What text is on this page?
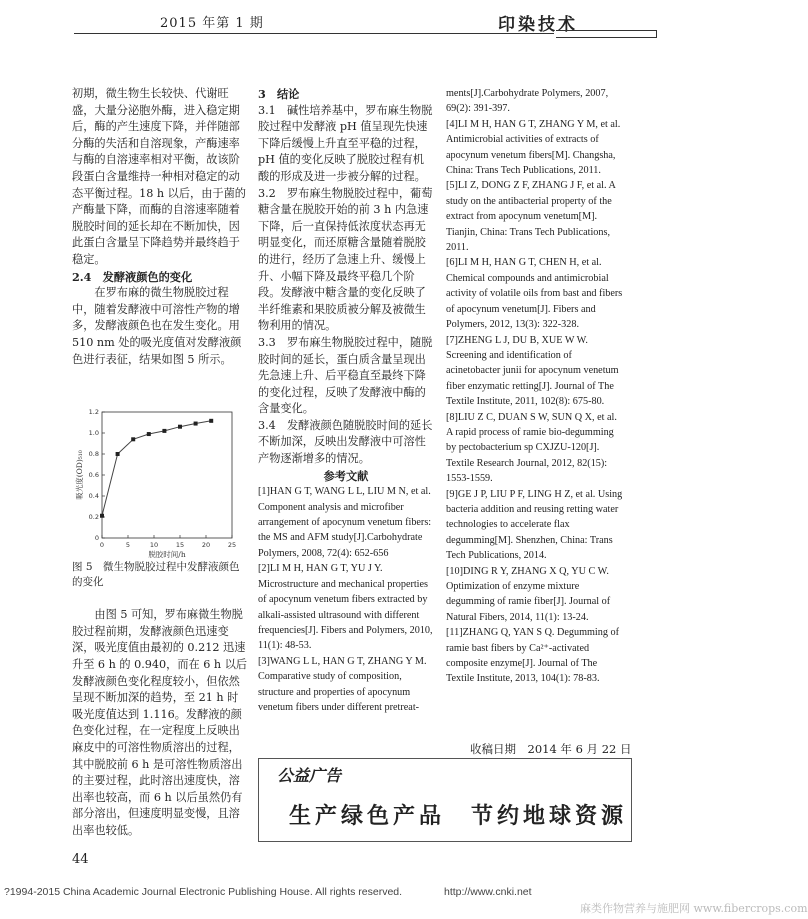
2015 年第 1 期	印染技术

初期，微生物生长较快、代谢旺盛，大量分泌胞外酶，进入稳定期后，酶的产生速度下降，并伴随部分酶的失活和自溶现象，产酶速率与酶的自溶速率相对平衡，故该阶段蛋白含量维持一种相对稳定的动态平衡过程。18 h 以后，由于菌的产酶量下降，而酶的自溶速率随着脱胶时间的延长却在不断加快，因此蛋白含量呈下降趋势并最终趋于稳定。

2.4　发酵液颜色的变化

在罗布麻的微生物脱胶过程中，随着发酵液中可溶性产物的增多，发酵液颜色也在发生变化。用 510 nm 处的吸光度值对发酵液颜色进行表征，结果如图 5 所示。

0	5	10	15	20	25
0
0.2
0.4
0.6
0.8
1.0
1.2
脱胶时间/h
吸光度(OD)₅₁₀
图 5　微生物脱胶过程中发酵液颜色的变化

由图 5 可知，罗布麻微生物脱胶过程前期，发酵液颜色迅速变深，吸光度值由最初的 0.212 迅速升至 6 h 的 0.940，而在 6 h 以后发酵液颜色变化程度较小，但依然呈现不断加深的趋势，至 21 h 时吸光度值达到 1.116。发酵液的颜色变化过程，在一定程度上反映出麻皮中的可溶性物质溶出的过程，其中脱胶前 6 h 是可溶性物质溶出的主要过程，此时溶出速度快，溶出率也较高，而 6 h 以后虽然仍有部分溶出，但速度明显变慢，且溶出率也较低。

3　结论

3.1　碱性培养基中，罗布麻生物脱胶过程中发酵液 pH 值呈现先快速下降后缓慢上升直至平稳的过程，pH 值的变化反映了脱胶过程有机酸的形成及进一步被分解的过程。

3.2　罗布麻生物脱胶过程中，葡萄糖含量在脱胶开始的前 3 h 内急速下降，后一直保持低浓度状态再无明显变化，而还原糖含量随着脱胶的进行，经历了急速上升、缓慢上升、小幅下降及最终平稳几个阶段。发酵液中糖含量的变化反映了半纤维素和果胶质被分解及被微生物利用的情况。

3.3　罗布麻生物脱胶过程中，随脱胶时间的延长，蛋白质含量呈现出先急速上升、后平稳直至最终下降的变化过程，反映了发酵液中酶的含量变化。

3.4　发酵液颜色随脱胶时间的延长不断加深，反映出发酵液中可溶性产物逐渐增多的情况。

参考文献

[1]HAN G T, WANG L L, LIU M N, et al. Component analysis and microfiber arrangement of apocynum venetum fibers: the MS and AFM study[J].Carbohydrate Polymers, 2008, 72(4): 652-656

[2]LI M H, HAN G T, YU J Y. Microstructure and mechanical properties of apocynum venetum fibers extracted by alkali-assisted ultrasound with different frequencies[J]. Fibers and Polymers, 2010, 11(1): 48-53.

[3]WANG L L, HAN G T, ZHANG Y M. Comparative study of composition, structure and properties of apocynum venetum fibers under different pretreat-

ments[J].Carbohydrate Polymers, 2007, 69(2): 391-397.

[4]LI M H, HAN G T, ZHANG Y M, et al. Antimicrobial activities of extracts of apocynum venetum fibers[M]. Changsha, China: Trans Tech Publications, 2011.

[5]LI Z, DONG Z F, ZHANG J F, et al. A study on the antibacterial property of the extract from apocynum venetum[M]. Tianjin, China: Trans Tech Publications, 2011.

[6]LI M H, HAN G T, CHEN H, et al. Chemical compounds and antimicrobial activity of volatile oils from bast and fibers of apocynum venetum[J]. Fibers and Polymers, 2012, 13(3): 322-328.

[7]ZHENG L J, DU B, XUE W W. Screening and identification of acinetobacter junii for apocynum venetum fiber enzymatic retting[J]. Journal of The Textile Institute, 2011, 102(8): 675-80.

[8]LIU Z C, DUAN S W, SUN Q X, et al. A rapid process of ramie bio-degumming by pectobacterium sp CXJZU-120[J]. Textile Research Journal, 2012, 82(15): 1553-1559.

[9]GE J P, LIU P F, LING H Z, et al. Using bacteria addition and reusing retting water technologies to accelerate flax degumming[M]. Shenzhen, China: Trans Tech Publications, 2014.

[10]DING R Y, ZHANG X Q, YU C W. Optimization of enzyme mixture degumming of ramie fiber[J]. Journal of Natural Fibers, 2014, 11(1): 13-24.

[11]ZHANG Q, YAN S Q. Degumming of ramie bast fibers by Ca²⁺-activated composite enzyme[J]. Journal of The Textile Institute, 2013, 104(1): 78-83.

收稿日期　2014 年 6 月 22 日
公益广告
生产绿色产品　节约地球资源
44
?1994-2015 China Academic Journal Electronic Publishing House. All rights reserved.	http://www.cnki.net
麻类作物营养与施肥网 www.fibercrops.com
